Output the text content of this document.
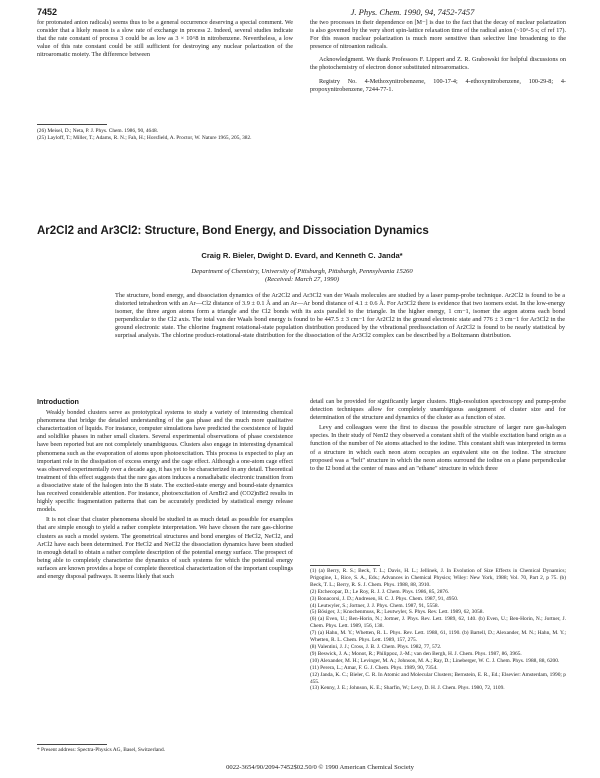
7452	J. Phys. Chem. 1990, 94, 7452-7457

for protonated anion radicals) seems thus to be a general occurrence deserving a special comment. We consider that a likely reason is a slow rate of exchange in process 2. Indeed, several studies indicate that the rate constant of process 3 could be as low as 3 × 10^8 in nitrobenzene. Nevertheless, a low value of this rate constant could be still sufficient for destroying any nuclear polarization of the nitroaromatic moiety. The difference between

(26) Meisel, D.; Neta, P. J. Phys. Chem. 1986, 90, 4648.

(25) Layloff, T.; Miller, T.; Adams, R. N.; Fah, H.; Horsfield, A. Proctor, W. Nature 1965, 205, 382.

the two processes in their dependence on [M−] is due to the fact that the decay of nuclear polarization is also governed by the very short spin-lattice relaxation time of the radical anion (~10^-5 s; cf ref 17). For this reason nuclear polarization is much more sensitive than selective line broadening to the presence of nitroanion radicals.

Acknowledgment. We thank Professors F. Lippert and Z. R. Grabowski for helpful discussions on the photochemistry of electron donor substituted nitroaromatics.

Registry No. 4-Methoxynitrobenzene, 100-17-4; 4-ethoxynitrobenzene, 100-29-8; 4-propoxynitrobenzene, 7244-77-1.

Ar2Cl2 and Ar3Cl2: Structure, Bond Energy, and Dissociation Dynamics
Craig R. Bieler, Dwight D. Evard, and Kenneth C. Janda*
Department of Chemistry, University of Pittsburgh, Pittsburgh, Pennsylvania 15260
(Received: March 27, 1990)
The structure, bond energy, and dissociation dynamics of the Ar2Cl2 and Ar3Cl2 van der Waals molecules are studied by a laser pump-probe technique. Ar2Cl2 is found to be a distorted tetrahedron with an Ar—Cl2 distance of 3.9 ± 0.1 Å and an Ar—Ar bond distance of 4.1 ± 0.6 Å. For Ar3Cl2 there is evidence that two isomers exist. In the low-energy isomer, the three argon atoms form a triangle and the Cl2 bonds with its axis parallel to the triangle. In the higher energy, 1 cm−1, isomer the argon atoms each bond perpendicular to the Cl2 axis. The total van der Waals bond energy is found to be 447.5 ± 3 cm−1 for Ar2Cl2 in the ground electronic state and 776 ± 3 cm−1 for Ar3Cl2 in the ground electronic state. The chlorine fragment rotational-state population distribution produced by the vibrational predissociation of Ar2Cl2 is found to be nearly statistical by surprisal analysis. The chlorine product-rotational-state distribution for the dissociation of the Ar3Cl2 complex can be described by a Boltzmann distribution.

Introduction

Weakly bonded clusters serve as prototypical systems to study a variety of interesting chemical phenomena that bridge the detailed understanding of the gas phase and the much more qualitative characterization of liquids. For instance, computer simulations have predicted the coexistence of liquid and solidlike phases in rather small clusters. Several experimental observations of phase coexistence have been reported but are not completely unambiguous. Clusters also engage in interesting dynamical phenomena such as the evaporation of atoms upon photoexcitation. This process is expected to play an important role in the dissipation of excess energy and the cage effect. Although a one-atom cage effect was observed experimentally over a decade ago, it has yet to be characterized in any detail. Theoretical treatment of this effect suggests that the rare gas atom induces a nonadiabatic electronic transition from a dissociative state of the halogen into the B state. The excited-state energy and bound-state dynamics has received considerable attention. For instance, photoexcitation of ArnBr2 and (CO2)nBr2 results in highly specific fragmentation patterns that can be accurately predicted by statistical energy release models.

It is not clear that cluster phenomena should be studied in as much detail as possible for examples that are simple enough to yield a rather complete interpretation. We have chosen the rare gas-chlorine clusters as such a model system. The geometrical structures and bond energies of HeCl2, NeCl2, and ArCl2 have each been determined. For HeCl2 and NeCl2 the dissociation dynamics have been studied in enough detail to obtain a rather complete description of the potential energy surface. The prospect of being able to completely characterize the dynamics of such systems for which the potential energy surfaces are known provides a hope of complete theoretical characterization of the important couplings and energy disposal pathways. It seems likely that such

* Present address: Spectra-Physics AG, Basel, Switzerland.

detail can be provided for significantly larger clusters. High-resolution spectroscopy and pump-probe detection techniques allow for completely unambiguous assignment of cluster size and for determination of the structure and dynamics of the cluster as a function of size.

Levy and colleagues were the first to discuss the possible structure of larger rare gas-halogen species. In their study of NenI2 they observed a constant shift of the visible excitation band origin as a function of the number of Ne atoms attached to the iodine. This constant shift was interpreted in terms of a structure in which each neon atom occupies an equivalent site on the iodine. The structure proposed was a "belt" structure in which the neon atoms surround the iodine on a plane perpendicular to the I2 bond at the center of mass and an "ethane" structure in which three

(1) (a) Berry, R. S.; Beck, T. L.; Davis, H. L.; Jellinek, J. In Evolution of Size Effects in Chemical Dynamics; Prigogine, I., Rice, S. A., Eds.; Advances in Chemical Physics; Wiley: New York, 1988; Vol. 70, Part 2, p 75. (b) Beck, T. L.; Berry, R. S. J. Chem. Phys. 1988, 88, 3910.

(2) Etchecopar, D.; Le Roy, R. J. J. Chem. Phys. 1986, 85, 2876.

(3) Bonacorsi, J. D.; Andresen, H. C. J. Phys. Chem. 1987, 91, 4950.

(4) Leutwyler, S.; Jortner, J. J. Phys. Chem. 1987, 91, 5558.

(5) Bösiger, J.; Knochenmuss, R.; Leutwyler, S. Phys. Rev. Lett. 1989, 62, 3058.

(6) (a) Even, U.; Ben-Horin, N.; Jortner, J. Phys. Rev. Lett. 1989, 62, 140. (b) Even, U.; Ben-Horin, N.; Jortner, J. Chem. Phys. Lett. 1989, 156, 138.

(7) (a) Hahn, M. Y.; Whetten, R. L. Phys. Rev. Lett. 1988, 61, 1190. (b) Bartell, D.; Alexander, M. N.; Hahn, M. Y.; Whetten, R. L. Chem. Phys. Lett. 1989, 157, 275.

(8) Valentini, J. J.; Cross, J. B. J. Chem. Phys. 1982, 77, 572.

(9) Beswick, J. A.; Monot, R.; Philippoz, J.-M.; van den Bergh, H. J. Chem. Phys. 1987, 86, 3965.

(10) Alexander, M. H.; Levinger, M. A.; Johnson, M. A.; Ray, D.; Lineberger, W. C. J. Chem. Phys. 1988, 88, 6200.

(11) Perera, L.; Amar, F. G. J. Chem. Phys. 1989, 90, 7354.

(12) Janda, K. C.; Bieler, C. R. In Atomic and Molecular Clusters; Bernstein, E. R., Ed.; Elsevier: Amsterdam, 1990; p 455.

(13) Kenny, J. E.; Johnson, K. E.; Sharfin, W.; Levy, D. H. J. Chem. Phys. 1980, 72, 1109.

0022-3654/90/2094-7452$02.50/0 © 1990 American Chemical Society
